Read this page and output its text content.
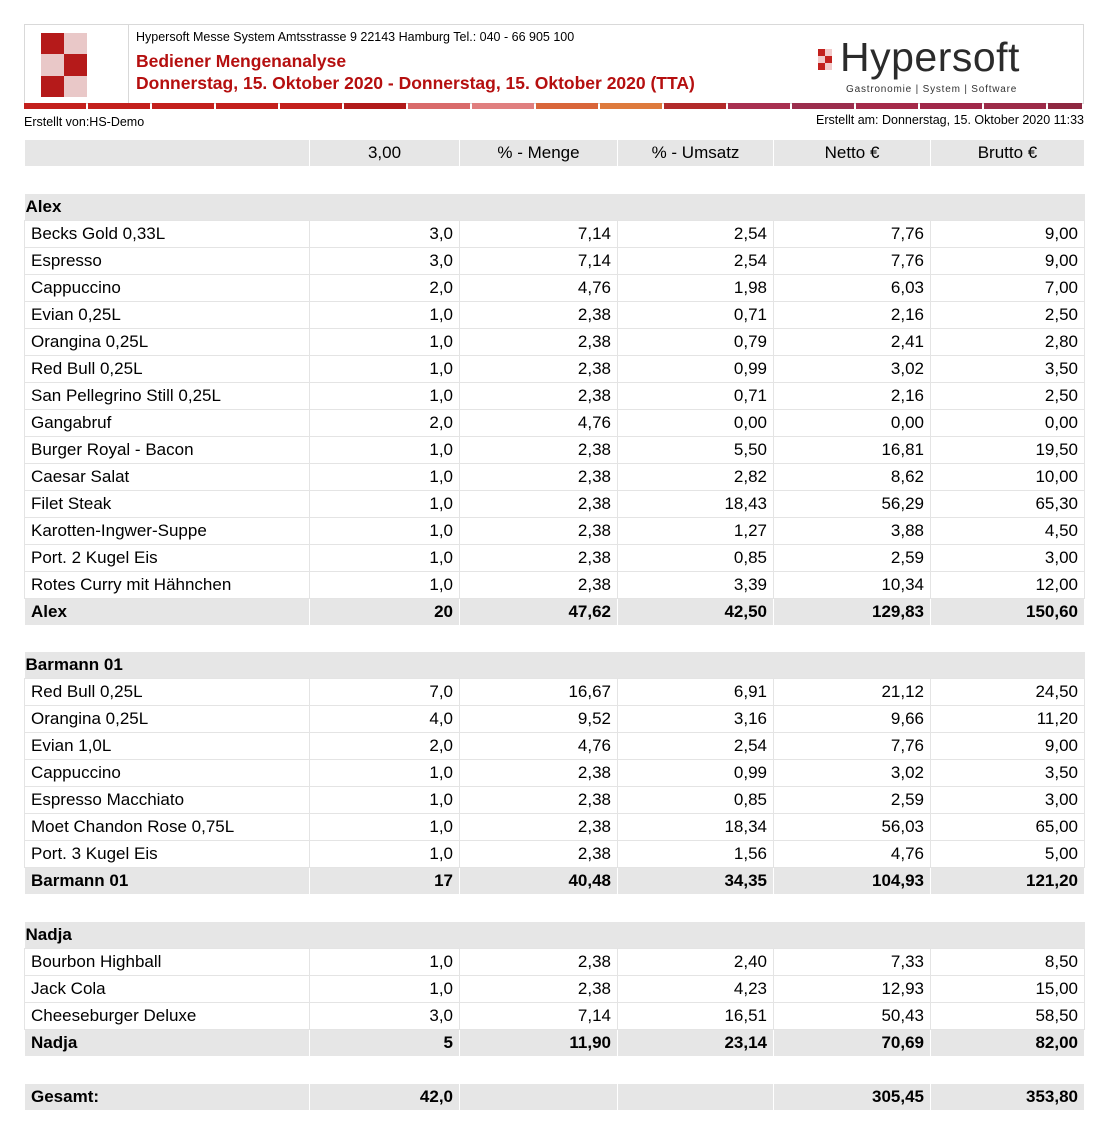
Hypersoft Messe System Amtsstrasse 9 22143 Hamburg Tel.: 040 - 66 905 100
Bediener Mengenanalyse
Donnerstag, 15. Oktober 2020 - Donnerstag, 15. Oktober 2020 (TTA)
Hypersoft
Gastronomie | System | Software
Erstellt von:HS-Demo	Erstellt am: Donnerstag, 15. Oktober 2020 11:33
	3,00	% - Menge	% - Umsatz	Netto €	Brutto €

Alex					
Becks Gold 0,33L	3,0	7,14	2,54	7,76	9,00
Espresso	3,0	7,14	2,54	7,76	9,00
Cappuccino	2,0	4,76	1,98	6,03	7,00
Evian 0,25L	1,0	2,38	0,71	2,16	2,50
Orangina 0,25L	1,0	2,38	0,79	2,41	2,80
Red Bull 0,25L	1,0	2,38	0,99	3,02	3,50
San Pellegrino Still 0,25L	1,0	2,38	0,71	2,16	2,50
Gangabruf	2,0	4,76	0,00	0,00	0,00
Burger Royal - Bacon	1,0	2,38	5,50	16,81	19,50
Caesar Salat	1,0	2,38	2,82	8,62	10,00
Filet Steak	1,0	2,38	18,43	56,29	65,30
Karotten-Ingwer-Suppe	1,0	2,38	1,27	3,88	4,50
Port. 2 Kugel Eis	1,0	2,38	0,85	2,59	3,00
Rotes Curry mit Hähnchen	1,0	2,38	3,39	10,34	12,00
Alex	20	47,62	42,50	129,83	150,60

Barmann 01					
Red Bull 0,25L	7,0	16,67	6,91	21,12	24,50
Orangina 0,25L	4,0	9,52	3,16	9,66	11,20
Evian 1,0L	2,0	4,76	2,54	7,76	9,00
Cappuccino	1,0	2,38	0,99	3,02	3,50
Espresso Macchiato	1,0	2,38	0,85	2,59	3,00
Moet Chandon Rose 0,75L	1,0	2,38	18,34	56,03	65,00
Port. 3 Kugel Eis	1,0	2,38	1,56	4,76	5,00
Barmann 01	17	40,48	34,35	104,93	121,20

Nadja					
Bourbon Highball	1,0	2,38	2,40	7,33	8,50
Jack Cola	1,0	2,38	4,23	12,93	15,00
Cheeseburger Deluxe	3,0	7,14	16,51	50,43	58,50
Nadja	5	11,90	23,14	70,69	82,00

Gesamt:	42,0			305,45	353,80
